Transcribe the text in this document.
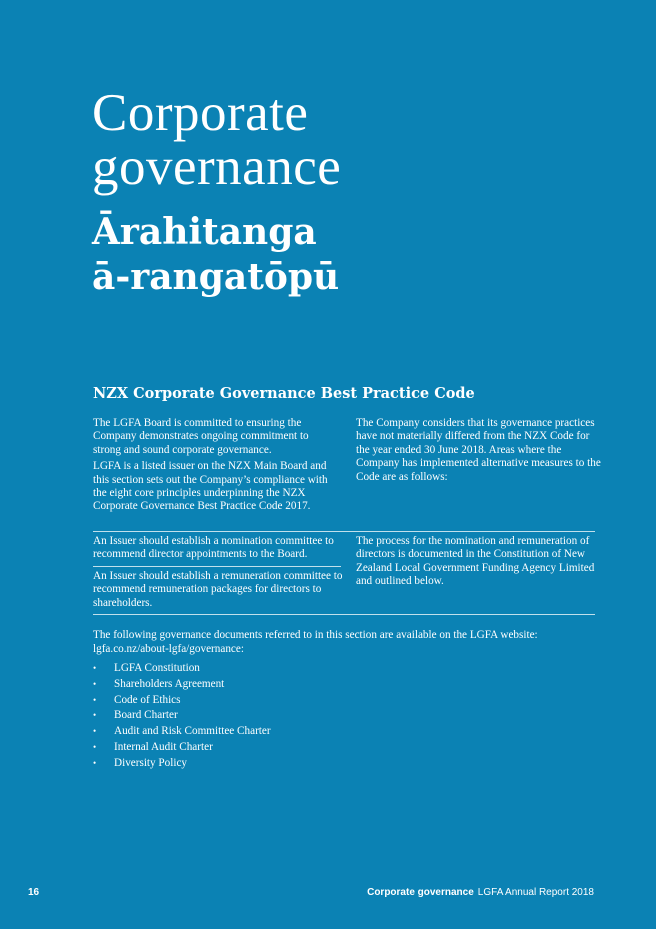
Corporate
governance
Ārahitanga
ā-rangatōpū
NZX Corporate Governance Best Practice Code

The LGFA Board is committed to ensuring the Company demonstrates ongoing commitment to strong and sound corporate governance.

LGFA is a listed issuer on the NZX Main Board and this section sets out the Company’s compliance with the eight core principles underpinning the NZX Corporate Governance Best Practice Code 2017.

The Company considers that its governance practices have not materially differed from the NZX Code for the year ended 30 June 2018. Areas where the Company has implemented alternative measures to the Code are as follows:

An Issuer should establish a nomination committee to recommend director appointments to the Board.
An Issuer should establish a remuneration committee to recommend remuneration packages for directors to shareholders.
The process for the nomination and remuneration of directors is documented in the Constitution of New Zealand Local Government Funding Agency Limited and outlined below.
The following governance documents referred to in this section are available on the LGFA website:
lgfa.co.nz/about-lgfa/governance:
• LGFA Constitution
• Shareholders Agreement
• Code of Ethics
• Board Charter
• Audit and Risk Committee Charter
• Internal Audit Charter
• Diversity Policy
16	Corporate governance LGFA Annual Report 2018
